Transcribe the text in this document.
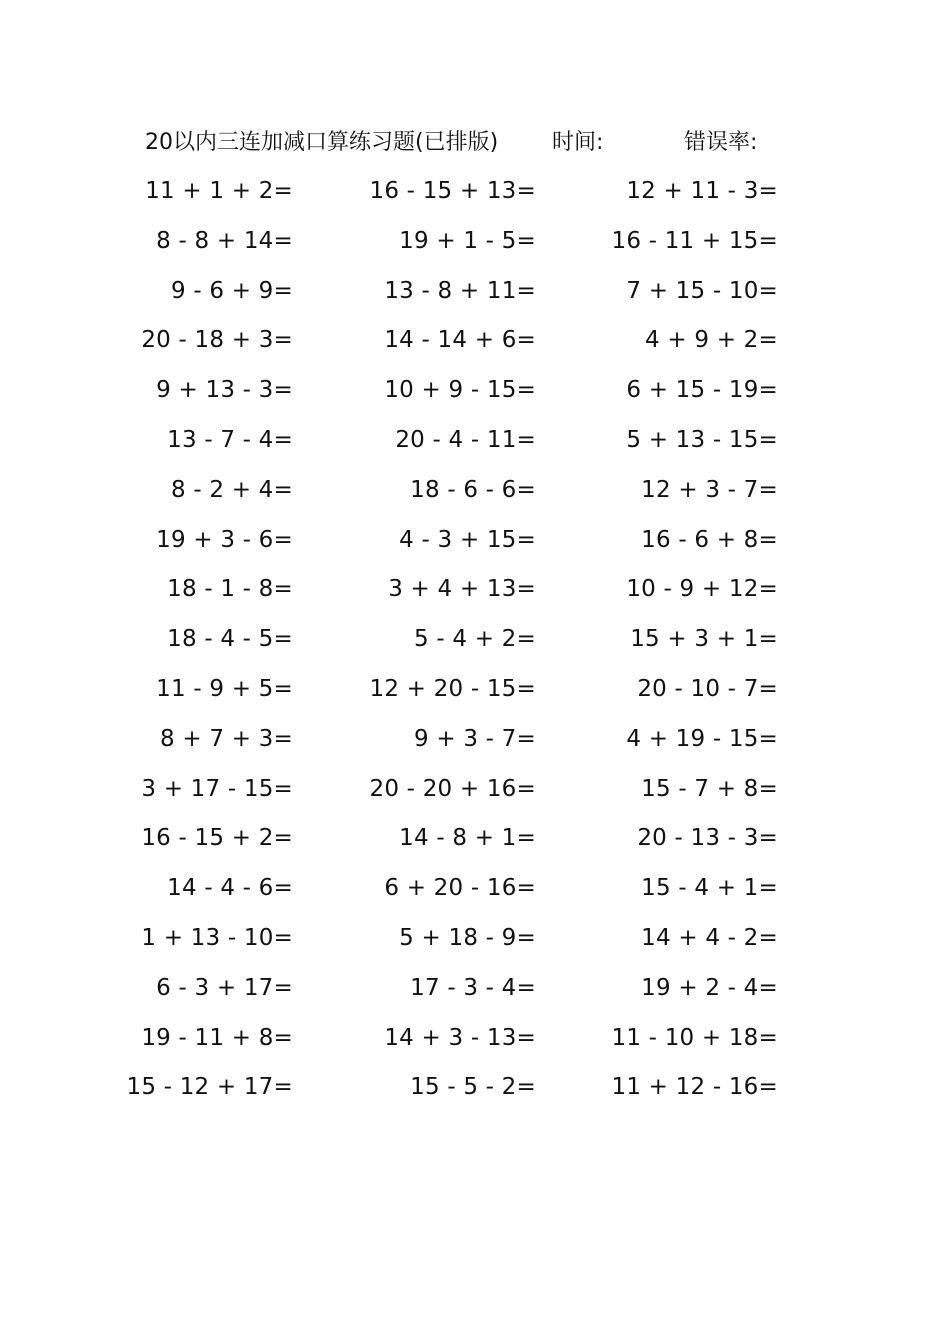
20以内三连加减口算练习题(已排版) 时间:	错误率:
11 + 1 + 2=
8 - 8 + 14=
9 - 6 + 9=
20 - 18 + 3=
9 + 13 - 3=
13 - 7 - 4=
8 - 2 + 4=
19 + 3 - 6=
18 - 1 - 8=
18 - 4 - 5=
11 - 9 + 5=
8 + 7 + 3=
3 + 17 - 15=
16 - 15 + 2=
14 - 4 - 6=
1 + 13 - 10=
6 - 3 + 17=
19 - 11 + 8=
15 - 12 + 17=
16 - 15 + 13=
19 + 1 - 5=
13 - 8 + 11=
14 - 14 + 6=
10 + 9 - 15=
20 - 4 - 11=
18 - 6 - 6=
4 - 3 + 15=
3 + 4 + 13=
5 - 4 + 2=
12 + 20 - 15=
9 + 3 - 7=
20 - 20 + 16=
14 - 8 + 1=
6 + 20 - 16=
5 + 18 - 9=
17 - 3 - 4=
14 + 3 - 13=
15 - 5 - 2=
12 + 11 - 3=
16 - 11 + 15=
7 + 15 - 10=
4 + 9 + 2=
6 + 15 - 19=
5 + 13 - 15=
12 + 3 - 7=
16 - 6 + 8=
10 - 9 + 12=
15 + 3 + 1=
20 - 10 - 7=
4 + 19 - 15=
15 - 7 + 8=
20 - 13 - 3=
15 - 4 + 1=
14 + 4 - 2=
19 + 2 - 4=
11 - 10 + 18=
11 + 12 - 16=
